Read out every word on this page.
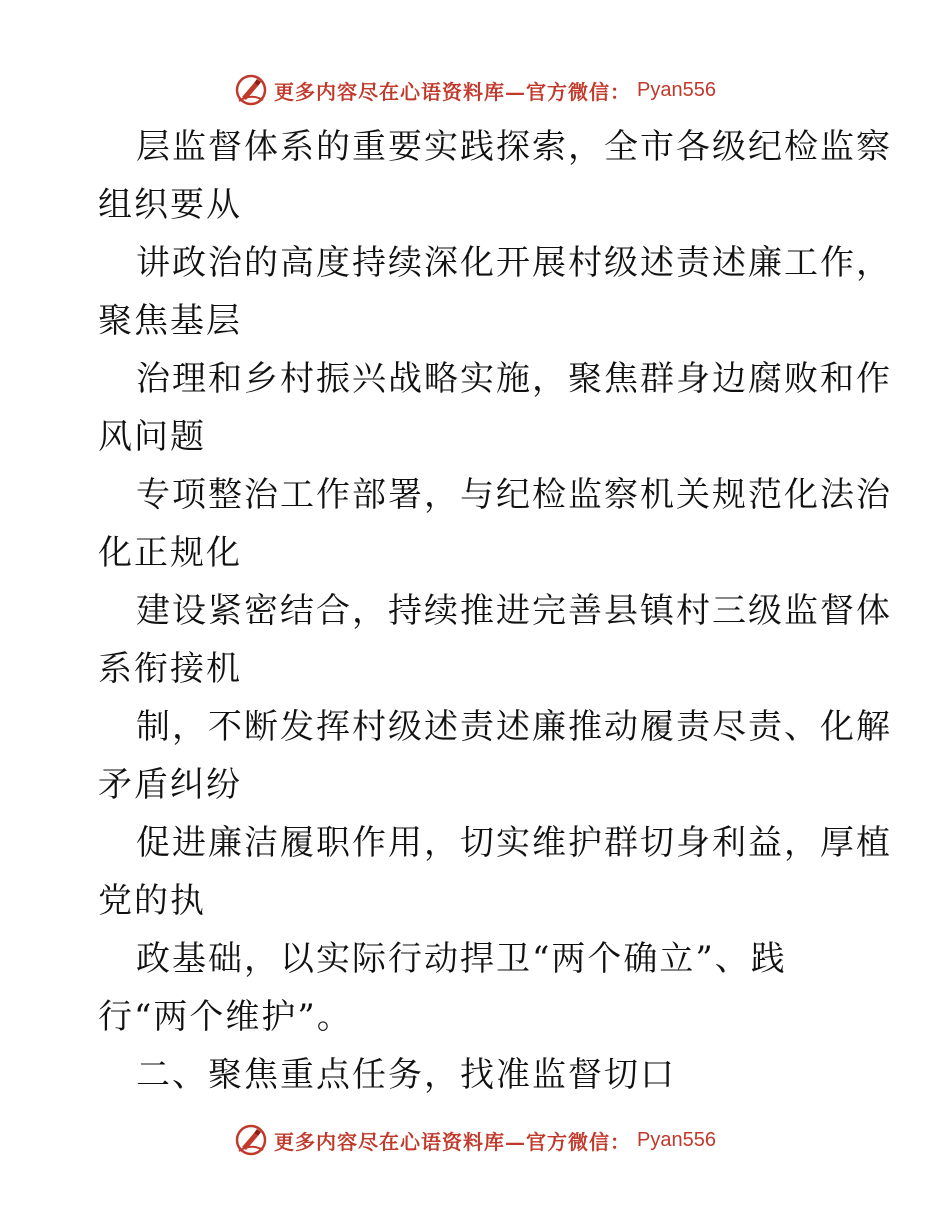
更多内容尽在心语资料库—官方微信： Pyan556
层监督体系的重要实践探索，全市各级纪检监察
组织要从
讲政治的高度持续深化开展村级述责述廉工作，
聚焦基层
治理和乡村振兴战略实施，聚焦群身边腐败和作
风问题
专项整治工作部署，与纪检监察机关规范化法治
化正规化
建设紧密结合，持续推进完善县镇村三级监督体
系衔接机
制，不断发挥村级述责述廉推动履责尽责、化解
矛盾纠纷
促进廉洁履职作用，切实维护群切身利益，厚植
党的执
政基础，以实际行动捍卫“两个确立”、践
行“两个维护”。
二、聚焦重点任务，找准监督切口
更多内容尽在心语资料库—官方微信： Pyan556
